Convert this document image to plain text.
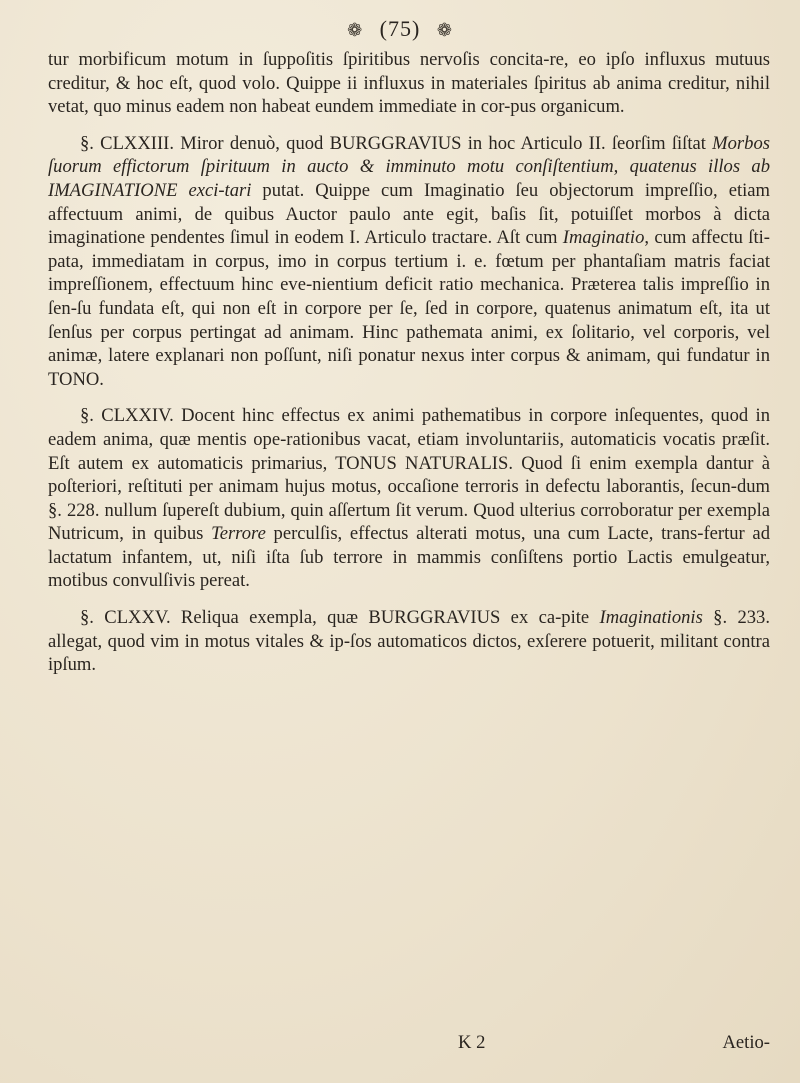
❁ (75) ❁

tur morbificum motum in ſuppoſitis ſpiritibus nervoſis concita-re, eo ipſo influxus mutuus creditur, & hoc eſt, quod volo. Quippe ii influxus in materiales ſpiritus ab anima creditur, nihil vetat, quo minus eadem non habeat eundem immediate in cor-pus organicum.

§. CLXXIII. Miror denuò, quod BURGGRAVIUS in hoc Articulo II. ſeorſim ſiſtat Morbos ſuorum effictorum ſpirituum in aucto & imminuto motu conſiſtentium, quatenus illos ab IMAGINATIONE exci-tari putat. Quippe cum Imaginatio ſeu objectorum impreſſio, etiam affectuum animi, de quibus Auctor paulo ante egit, baſis ſit, potuiſſet morbos à dicta imaginatione pendentes ſimul in eodem I. Articulo tractare. Aſt cum Imaginatio, cum affectu ſti-pata, immediatam in corpus, imo in corpus tertium i. e. fœtum per phantaſiam matris faciat impreſſionem, effectuum hinc eve-nientium deficit ratio mechanica. Præterea talis impreſſio in ſen-ſu fundata eſt, qui non eſt in corpore per ſe, ſed in corpore, quatenus animatum eſt, ita ut ſenſus per corpus pertingat ad animam. Hinc pathemata animi, ex ſolitario, vel corporis, vel animæ, latere explanari non poſſunt, niſi ponatur nexus inter corpus & animam, qui fundatur in TONO.

§. CLXXIV. Docent hinc effectus ex animi pathematibus in corpore inſequentes, quod in eadem anima, quæ mentis ope-rationibus vacat, etiam involuntariis, automaticis vocatis præſit. Eſt autem ex automaticis primarius, TONUS NATURALIS. Quod ſi enim exempla dantur à poſteriori, reſtituti per animam hujus motus, occaſione terroris in defectu laborantis, ſecun-dum §. 228. nullum ſupereſt dubium, quin aſſertum ſit verum. Quod ulterius corroboratur per exempla Nutricum, in quibus Terrore perculſis, effectus alterati motus, una cum Lacte, trans-fertur ad lactatum infantem, ut, niſi iſta ſub terrore in mammis conſiſtens portio Lactis emulgeatur, motibus convulſivis pereat.

§. CLXXV. Reliqua exempla, quæ BURGGRAVIUS ex ca-pite Imaginationis §. 233. allegat, quod vim in motus vitales & ip-ſos automaticos dictos, exſerere potuerit, militant contra ipſum.

K 2	Aetio-
